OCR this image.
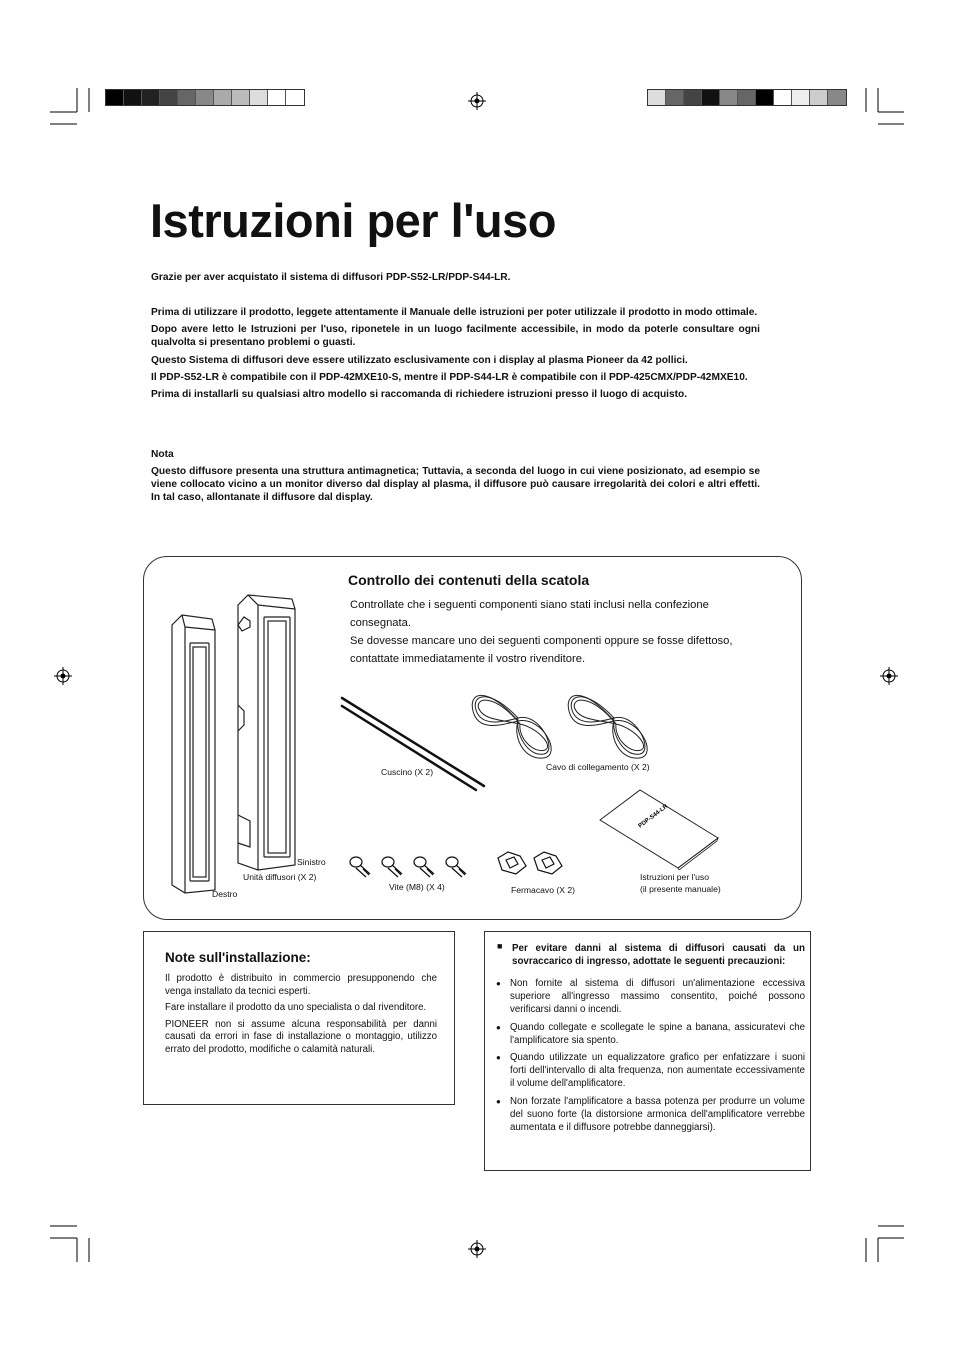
Istruzioni per l'uso

Grazie per aver acquistato il sistema di diffusori PDP-S52-LR/PDP-S44-LR.

Prima di utilizzare il prodotto, leggete attentamente il Manuale delle istruzioni per poter utilizzale il prodotto in modo ottimale.

Dopo avere letto le Istruzioni per l'uso, riponetele in un luogo facilmente accessibile, in modo da poterle consultare ogni qualvolta si presentano problemi o guasti.

Questo Sistema di diffusori deve essere utilizzato esclusivamente con i display al plasma Pioneer da 42 pollici.

Il PDP-S52-LR è compatibile con il PDP-42MXE10-S, mentre il PDP-S44-LR è compatibile con il PDP-425CMX/PDP-42MXE10.

Prima di installarli su qualsiasi altro modello si raccomanda di richiedere istruzioni presso il luogo di acquisto.

Nota

Questo diffusore presenta una struttura antimagnetica; Tuttavia, a seconda del luogo in cui viene posizionato, ad esempio se viene collocato vicino a un monitor diverso dal display al plasma, il diffusore può causare irregolarità dei colori e altri effetti. In tal caso, allontanate il diffusore dal display.

Controllo dei contenuti della scatola

Controllate che i seguenti componenti siano stati inclusi nella confezione consegnata.

Se dovesse mancare uno dei seguenti componenti oppure se fosse difettoso, contattate immediatamente il vostro rivenditore.

PDP-S44-LR
Sinistro
Unità diffusori (X 2)
Destro
Cuscino (X 2)	Cavo di collegamento (X 2)
Vite (M8) (X 4)	Fermacavo (X 2)
Istruzioni per l'uso
(il presente manuale)
Note sull'installazione:

Il prodotto è distribuito in commercio presupponendo che venga installato da tecnici esperti.

Fare installare il prodotto da uno specialista o dal rivenditore.

PIONEER non si assume alcuna responsabilità per danni causati da errori in fase di installazione o montaggio, utilizzo errato del prodotto, modifiche o calamità naturali.

■ Per evitare danni al sistema di diffusori causati da un sovraccarico di ingresso, adottate le seguenti precauzioni:
● Non fornite al sistema di diffusori un'alimentazione eccessiva superiore all'ingresso massimo consentito, poiché possono verificarsi danni o incendi.
● Quando collegate e scollegate le spine a banana, assicuratevi che l'amplificatore sia spento.
● Quando utilizzate un equalizzatore grafico per enfatizzare i suoni forti dell'intervallo di alta frequenza, non aumentate eccessivamente il volume dell'amplificatore.
● Non forzate l'amplificatore a bassa potenza per produrre un volume del suono forte (la distorsione armonica dell'amplificatore verrebbe aumentata e il diffusore potrebbe danneggiarsi).
